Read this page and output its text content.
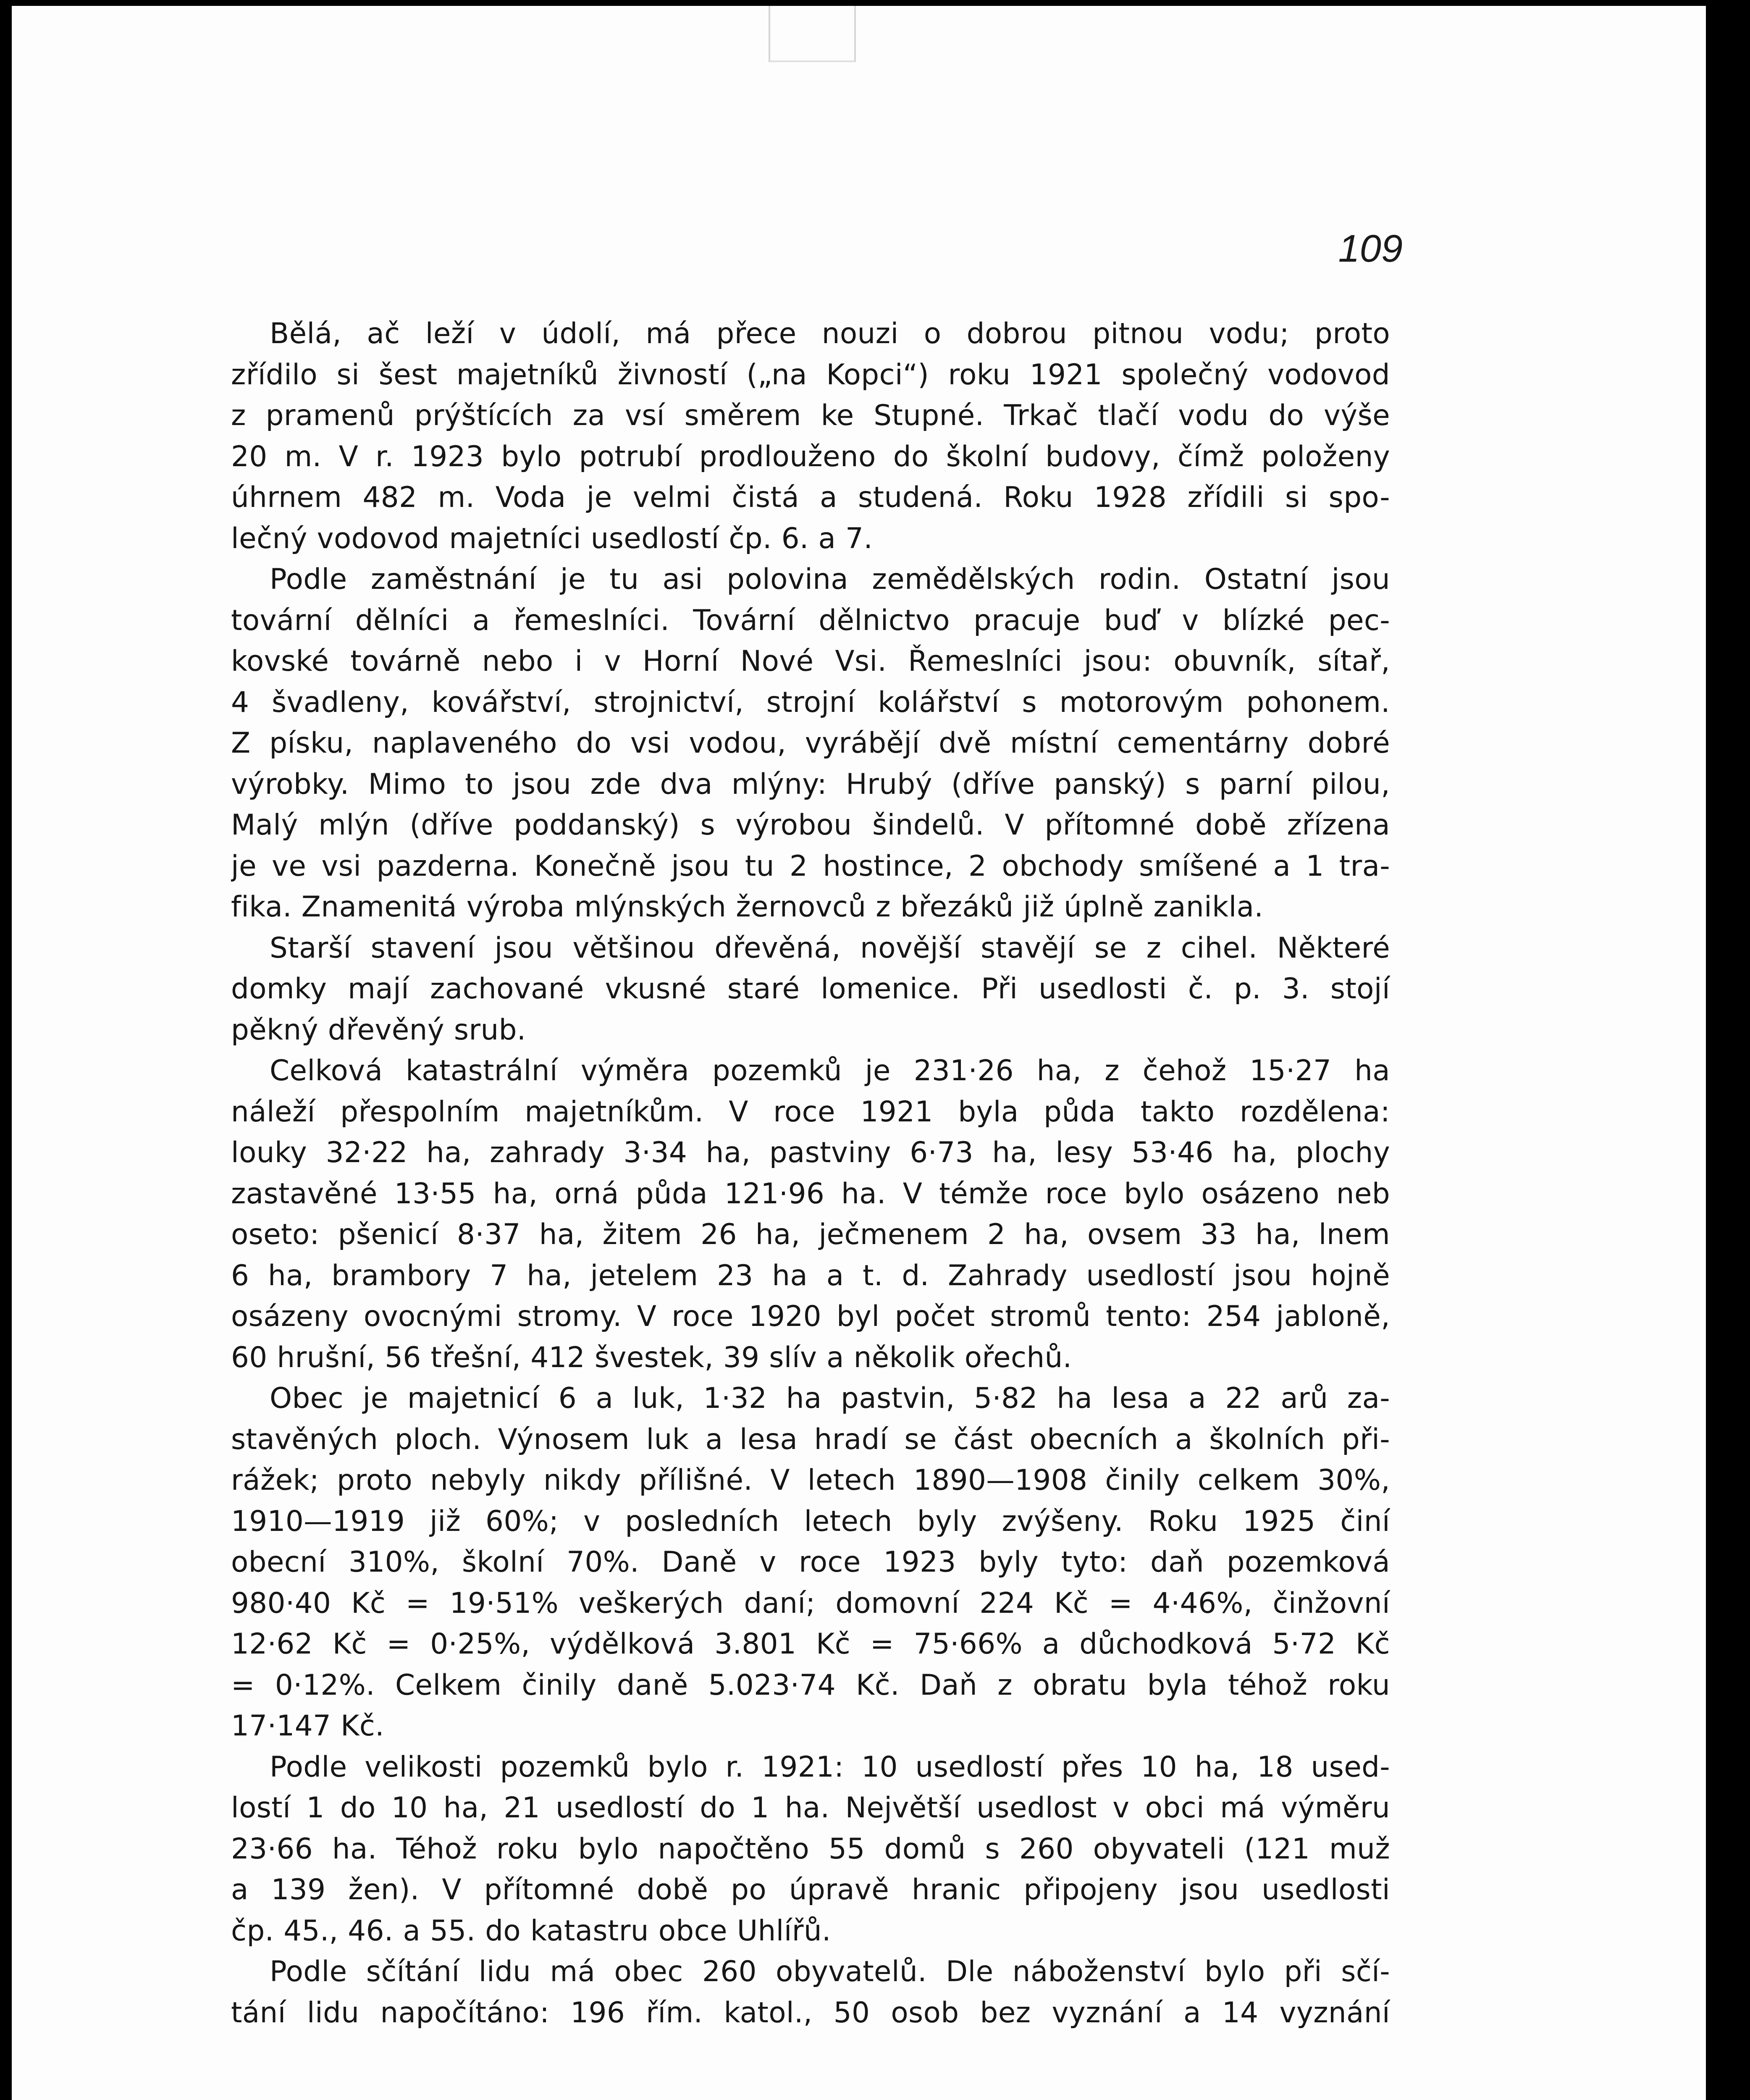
109
Bělá, ač leží v údolí, má přece nouzi o dobrou pitnou vodu; proto
zřídilo si šest majetníků živností („na Kopci“) roku 1921 společný vodovod
z pramenů prýštících za vsí směrem ke Stupné. Trkač tlačí vodu do výše
20 m. V r. 1923 bylo potrubí prodlouženo do školní budovy, čímž položeny
úhrnem 482 m. Voda je velmi čistá a studená. Roku 1928 zřídili si spo-
lečný vodovod majetníci usedlostí čp. 6. a 7.
Podle zaměstnání je tu asi polovina zemědělských rodin. Ostatní jsou
tovární dělníci a řemeslníci. Tovární dělnictvo pracuje buď v blízké pec-
kovské továrně nebo i v Horní Nové Vsi. Řemeslníci jsou: obuvník, sítař,
4 švadleny, kovářství, strojnictví, strojní kolářství s motorovým pohonem.
Z písku, naplaveného do vsi vodou, vyrábějí dvě místní cementárny dobré
výrobky. Mimo to jsou zde dva mlýny: Hrubý (dříve panský) s parní pilou,
Malý mlýn (dříve poddanský) s výrobou šindelů. V přítomné době zřízena
je ve vsi pazderna. Konečně jsou tu 2 hostince, 2 obchody smíšené a 1 tra-
fika. Znamenitá výroba mlýnských žernovců z březáků již úplně zanikla.
Starší stavení jsou většinou dřevěná, novější stavějí se z cihel. Některé
domky mají zachované vkusné staré lomenice. Při usedlosti č. p. 3. stojí
pěkný dřevěný srub.
Celková katastrální výměra pozemků je 231·26 ha, z čehož 15·27 ha
náleží přespolním majetníkům. V roce 1921 byla půda takto rozdělena:
louky 32·22 ha, zahrady 3·34 ha, pastviny 6·73 ha, lesy 53·46 ha, plochy
zastavěné 13·55 ha, orná půda 121·96 ha. V témže roce bylo osázeno neb
oseto: pšenicí 8·37 ha, žitem 26 ha, ječmenem 2 ha, ovsem 33 ha, lnem
6 ha, brambory 7 ha, jetelem 23 ha a t. d. Zahrady usedlostí jsou hojně
osázeny ovocnými stromy. V roce 1920 byl počet stromů tento: 254 jabloně,
60 hrušní, 56 třešní, 412 švestek, 39 slív a několik ořechů.
Obec je majetnicí 6 a luk, 1·32 ha pastvin, 5·82 ha lesa a 22 arů za-
stavěných ploch. Výnosem luk a lesa hradí se část obecních a školních při-
rážek; proto nebyly nikdy přílišné. V letech 1890—1908 činily celkem 30%,
1910—1919 již 60%; v posledních letech byly zvýšeny. Roku 1925 činí
obecní 310%, školní 70%. Daně v roce 1923 byly tyto: daň pozemková
980·40 Kč = 19·51% veškerých daní; domovní 224 Kč = 4·46%, činžovní
12·62 Kč = 0·25%, výdělková 3.801 Kč = 75·66% a důchodková 5·72 Kč
= 0·12%. Celkem činily daně 5.023·74 Kč. Daň z obratu byla téhož roku
17·147 Kč.
Podle velikosti pozemků bylo r. 1921: 10 usedlostí přes 10 ha, 18 used-
lostí 1 do 10 ha, 21 usedlostí do 1 ha. Největší usedlost v obci má výměru
23·66 ha. Téhož roku bylo napočtěno 55 domů s 260 obyvateli (121 muž
a 139 žen). V přítomné době po úpravě hranic připojeny jsou usedlosti
čp. 45., 46. a 55. do katastru obce Uhlířů.
Podle sčítání lidu má obec 260 obyvatelů. Dle náboženství bylo při sčí-
tání lidu napočítáno: 196 řím. katol., 50 osob bez vyznání a 14 vyznání
